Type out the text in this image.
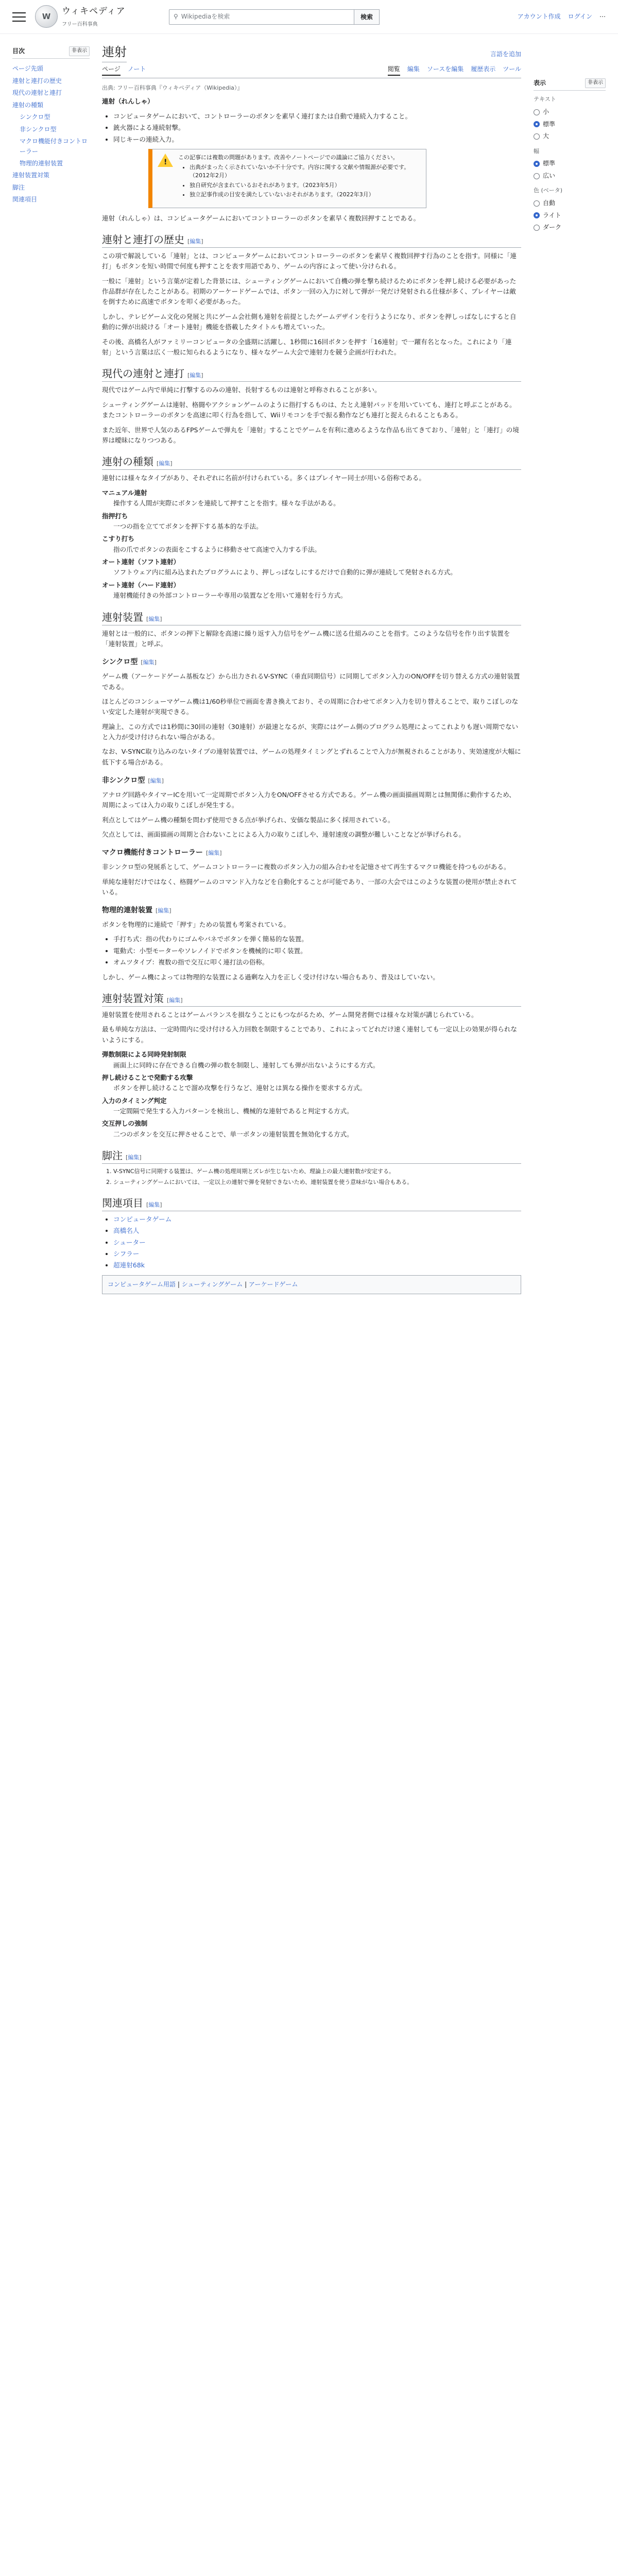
W
ウィキペディア
フリー百科事典
⚲ Wikipediaを検索	検索	アカウント作成 ログイン ⋯
目次	非表示
ページ先頭
連射と連打の歴史
現代の連射と連打
連射の種類
シンクロ型
非シンクロ型
マクロ機能付きコントローラー
物理的連射装置
連射装置対策
脚注
関連項目
連射	言語を追加
ページ ノート	閲覧 編集 ソースを編集 履歴表示 ツール
出典: フリー百科事典『ウィキペディア（Wikipedia）』

連射（れんしゃ）

• コンピュータゲームにおいて、コントローラーのボタンを素早く連打または自動で連続入力すること。
• 銃火器による連続射撃。
• 同じキーの連続入力。
!
この記事には複数の問題があります。改善やノートページでの議論にご協力ください。
• 出典がまったく示されていないか不十分です。内容に関する文献や情報源が必要です。（2012年2月）
• 独自研究が含まれているおそれがあります。（2023年5月）
• 独立記事作成の目安を満たしていないおそれがあります。（2022年3月）

連射（れんしゃ）は、コンピュータゲームにおいてコントローラーのボタンを素早く複数回押すことである。

連射と連打の歴史 [編集]

この項で解説している「連射」とは、コンピュータゲームにおいてコントローラーのボタンを素早く複数回押す行為のことを指す。同様に「連打」もボタンを短い時間で何度も押すことを表す用語であり、ゲームの内容によって使い分けられる。

一般に「連射」という言葉が定着した背景には、シューティングゲームにおいて自機の弾を撃ち続けるためにボタンを押し続ける必要があった作品群が存在したことがある。初期のアーケードゲームでは、ボタン一回の入力に対して弾が一発だけ発射される仕様が多く、プレイヤーは敵を倒すために高速でボタンを叩く必要があった。

しかし、テレビゲーム文化の発展と共にゲーム会社側も連射を前提としたゲームデザインを行うようになり、ボタンを押しっぱなしにすると自動的に弾が出続ける「オート連射」機能を搭載したタイトルも増えていった。

その後、高橋名人がファミリーコンピュータの全盛期に活躍し、1秒間に16回ボタンを押す「16連射」で一躍有名となった。これにより「連射」という言葉は広く一般に知られるようになり、様々なゲーム大会で連射力を競う企画が行われた。

現代の連射と連打 [編集]

現代ではゲーム内で単純に打撃するのみの連射、長射するものは連射と呼称されることが多い。

シューティングゲームは連射、格闘やアクションゲームのように指打するものは、たとえ連射パッドを用いていても、連打と呼ぶことがある。またコントローラーのボタンを高速に叩く行為を指して、Wiiリモコンを手で振る動作なども連打と捉えられることもある。

また近年、世界で人気のあるFPSゲームで弾丸を「連射」することでゲームを有利に進めるような作品も出てきており、「連射」と「連打」の境界は曖昧になりつつある。

連射の種類 [編集]

連射には様々なタイプがあり、それぞれに名前が付けられている。多くはプレイヤー同士が用いる俗称である。

マニュアル連射
操作する人間が実際にボタンを連続して押すことを指す。様々な手法がある。
指押打ち
一つの指を立ててボタンを押下する基本的な手法。
こすり打ち
指の爪でボタンの表面をこするように移動させて高速で入力する手法。
オート連射（ソフト連射）
ソフトウェア内に組み込まれたプログラムにより、押しっぱなしにするだけで自動的に弾が連続して発射される方式。
オート連射（ハード連射）
連射機能付きの外部コントローラーや専用の装置などを用いて連射を行う方式。
連射装置 [編集]

連射とは一般的に、ボタンの押下と解除を高速に繰り返す入力信号をゲーム機に送る仕組みのことを指す。このような信号を作り出す装置を「連射装置」と呼ぶ。

シンクロ型 [編集]

ゲーム機（アーケードゲーム基板など）から出力されるV-SYNC（垂直同期信号）に同期してボタン入力のON/OFFを切り替える方式の連射装置である。

ほとんどのコンシューマゲーム機は1/60秒単位で画面を書き換えており、その周期に合わせてボタン入力を切り替えることで、取りこぼしのない安定した連射が実現できる。

理論上、この方式では1秒間に30回の連射（30連射）が最速となるが、実際にはゲーム側のプログラム処理によってこれよりも遅い周期でないと入力が受け付けられない場合がある。

なお、V-SYNC取り込みのないタイプの連射装置では、ゲームの処理タイミングとずれることで入力が無視されることがあり、実効速度が大幅に低下する場合がある。

非シンクロ型 [編集]

アナログ回路やタイマーICを用いて一定周期でボタン入力をON/OFFさせる方式である。ゲーム機の画面描画周期とは無関係に動作するため、周期によっては入力の取りこぼしが発生する。

利点としてはゲーム機の種類を問わず使用できる点が挙げられ、安価な製品に多く採用されている。

欠点としては、画面描画の周期と合わないことによる入力の取りこぼしや、連射速度の調整が難しいことなどが挙げられる。

マクロ機能付きコントローラー [編集]

非シンクロ型の発展系として、ゲームコントローラーに複数のボタン入力の組み合わせを記憶させて再生するマクロ機能を持つものがある。

単純な連射だけではなく、格闘ゲームのコマンド入力などを自動化することが可能であり、一部の大会ではこのような装置の使用が禁止されている。

物理的連射装置 [編集]

ボタンを物理的に連続で「押す」ための装置も考案されている。

• 手打ち式：指の代わりにゴムやバネでボタンを弾く簡易的な装置。
• 電動式：小型モーターやソレノイドでボタンを機械的に叩く装置。
• オムツタイプ：複数の指で交互に叩く連打法の俗称。

しかし、ゲーム機によっては物理的な装置による過剰な入力を正しく受け付けない場合もあり、普及はしていない。

連射装置対策 [編集]

連射装置を使用されることはゲームバランスを損なうことにもつながるため、ゲーム開発者側では様々な対策が講じられている。

最も単純な方法は、一定時間内に受け付ける入力回数を制限することであり、これによってどれだけ速く連射しても一定以上の効果が得られないようにする。

弾数制限による同時発射制限
画面上に同時に存在できる自機の弾の数を制限し、連射しても弾が出ないようにする方式。
押し続けることで発動する攻撃
ボタンを押し続けることで溜め攻撃を行うなど、連射とは異なる操作を要求する方式。
入力のタイミング判定
一定間隔で発生する入力パターンを検出し、機械的な連射であると判定する方式。
交互押しの強制
二つのボタンを交互に押させることで、単一ボタンの連射装置を無効化する方式。
脚注 [編集]
1. V-SYNC信号に同期する装置は、ゲーム機の処理周期とズレが生じないため、理論上の最大連射数が安定する。
2. シューティングゲームにおいては、一定以上の連射で弾を発射できないため、連射装置を使う意味がない場合もある。
関連項目 [編集]
• コンピュータゲーム
• 高橋名人
• シューター
• シフラー
• 超連射68k
コンピュータゲーム用語 | シューティングゲーム | アーケードゲーム
表示	非表示
テキスト
小
標準
大
幅
標準
広い
色 (ベータ)
自動
ライト
ダーク
